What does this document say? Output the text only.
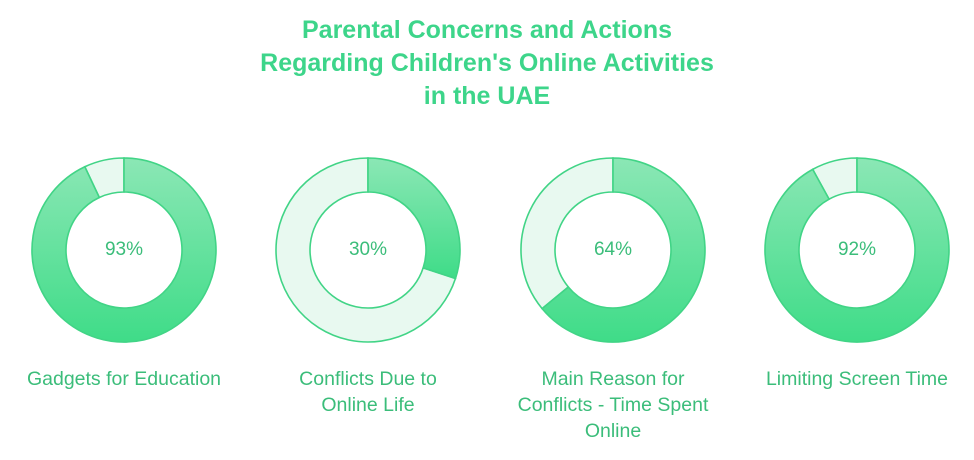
Parental Concerns and Actions
Regarding Children's Online Activities
in the UAE
93%
Gadgets for Education
30%
Conflicts Due to
Online Life
64%
Main Reason for
Conflicts - Time Spent
Online
92%
Limiting Screen Time
